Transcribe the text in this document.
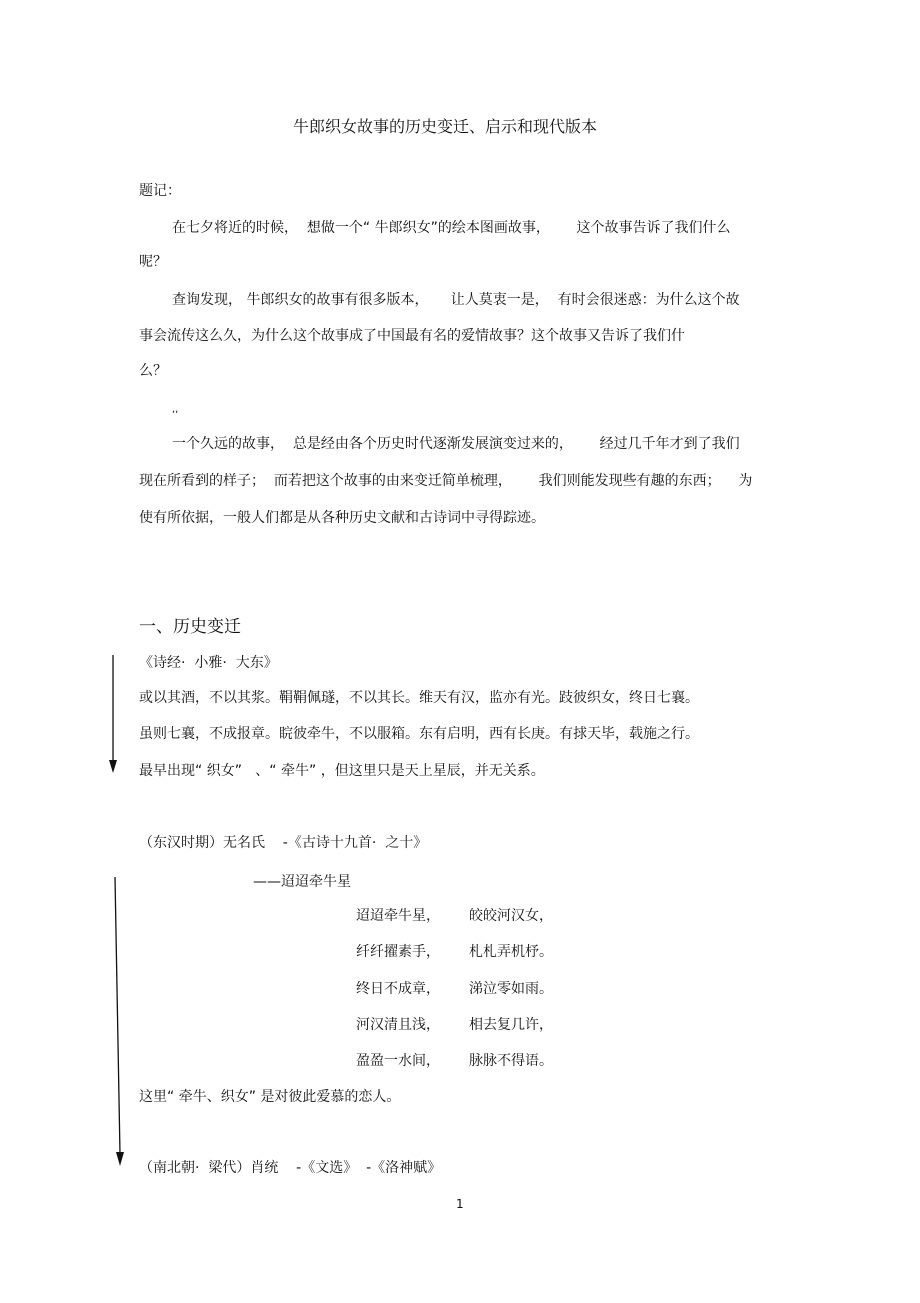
牛郎织女故事的历史变迁、启示和现代版本
题记：
在七夕将近的时候，  想做一个“ 牛郎织女”的绘本图画故事，      这个故事告诉了我们什么
呢？
查询发现， 牛郎织女的故事有很多版本，     让人莫衷一是，  有时会很迷惑：为什么这个故
事会流传这么久，为什么这个故事成了中国最有名的爱情故事？这个故事又告诉了我们什
么？
,,
一个久远的故事，  总是经由各个历史时代逐渐发展演变过来的，      经过几千年才到了我们
现在所看到的样子；  而若把这个故事的由来变迁简单梳理，      我们则能发现些有趣的东西；    为
使有所依据，一般人们都是从各种历史文献和古诗词中寻得踪迹。
一、历史变迁
《诗经·  小雅·  大东》
或以其酒，不以其浆。鞙鞙佩璲，不以其长。维天有汉，监亦有光。跂彼织女，终日七襄。
虽则七襄，不成报章。睆彼牵牛，不以服箱。东有启明，西有长庚。有捄天毕，载施之行。
最早出现“ 织女”   、“ 牵牛” ，但这里只是天上星辰，并无关系。
（东汉时期）无名氏    -《古诗十九首·  之十》
——迢迢牵牛星
迢迢牵牛星， 皎皎河汉女，
纤纤擢素手， 札札弄机杼。
终日不成章， 涕泣零如雨。
河汉清且浅， 相去复几许，
盈盈一水间， 脉脉不得语。
这里“ 牵牛、织女” 是对彼此爱慕的恋人。
（南北朝·  梁代）肖统    -《文选》  -《洛神赋》
1
